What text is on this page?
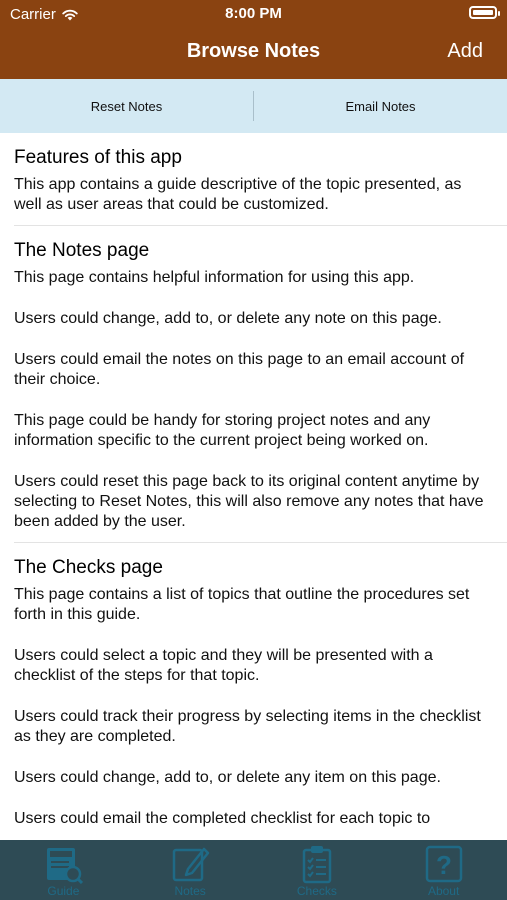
Carrier	8:00 PM
Browse Notes	Add
Reset Notes	Email Notes
Features of this app

This app contains a guide descriptive of the topic presented, as well as user areas that could be customized.

The Notes page

This page contains helpful information for using this app.

Users could change, add to, or delete any note on this page.

Users could email the notes on this page to an email account of their choice.

This page could be handy for storing project notes and any information specific to the current project being worked on.

Users could reset this page back to its original content anytime by selecting to Reset Notes, this will also remove any notes that have been added by the user.

The Checks page

This page contains a list of topics that outline the procedures set forth in this guide.

Users could select a topic and they will be presented with a checklist of the steps for that topic.

Users could track their progress by selecting items in the checklist as they are completed.

Users could change, add to, or delete any item on this page.

Users could email the completed checklist for each topic to

Guide	Notes	Checks
?
About
